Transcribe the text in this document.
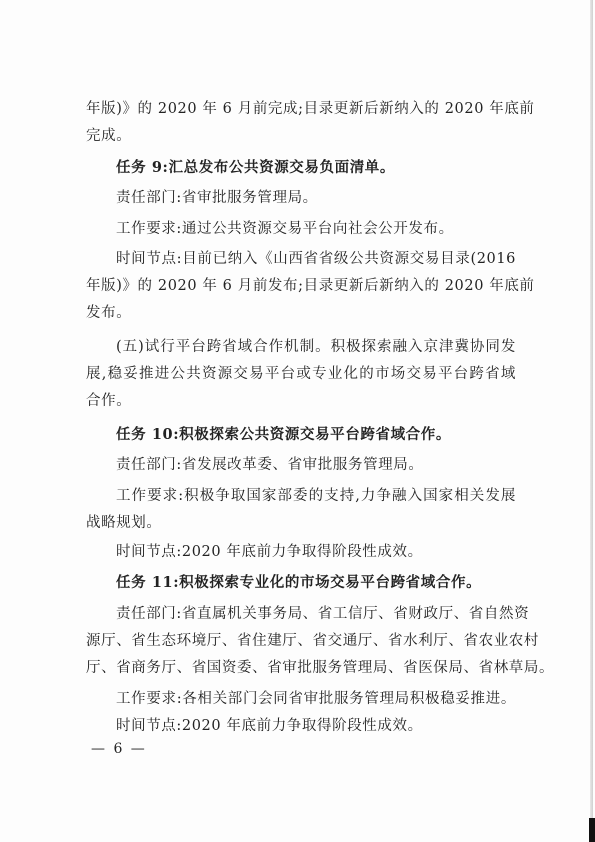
年版)》的 2020 年 6 月前完成;目录更新后新纳入的 2020 年底前
完成。
任务 9:汇总发布公共资源交易负面清单。
责任部门:省审批服务管理局。
工作要求:通过公共资源交易平台向社会公开发布。
时间节点:目前已纳入《山西省省级公共资源交易目录(2016
年版)》的 2020 年 6 月前发布;目录更新后新纳入的 2020 年底前
发布。
(五)试行平台跨省域合作机制。积极探索融入京津冀协同发
展,稳妥推进公共资源交易平台或专业化的市场交易平台跨省域
合作。
任务 10:积极探索公共资源交易平台跨省域合作。
责任部门:省发展改革委、省审批服务管理局。
工作要求:积极争取国家部委的支持,力争融入国家相关发展
战略规划。
时间节点:2020 年底前力争取得阶段性成效。
任务 11:积极探索专业化的市场交易平台跨省域合作。
责任部门:省直属机关事务局、省工信厅、省财政厅、省自然资
源厅、省生态环境厅、省住建厅、省交通厅、省水利厅、省农业农村
厅、省商务厅、省国资委、省审批服务管理局、省医保局、省林草局。
工作要求:各相关部门会同省审批服务管理局积极稳妥推进。
时间节点:2020 年底前力争取得阶段性成效。
— 6 —
